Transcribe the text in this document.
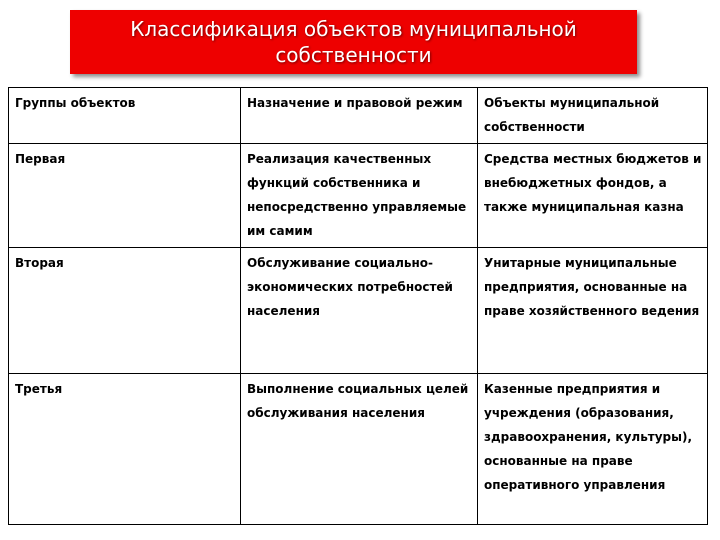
Классификация объектов муниципальной
собственности
Группы объектов	Назначение и правовой режим	Объекты муниципальной собственности
Первая	Реализация качественных функций собственника и непосредственно управляемые им самим	Средства местных бюджетов и внебюджетных фондов, а также муниципальная казна
Вторая	Обслуживание социально-экономических потребностей населения	Унитарные муниципальные предприятия, основанные на праве хозяйственного ведения
Третья	Выполнение социальных целей обслуживания населения	Казенные предприятия и учреждения (образования, здравоохранения, культуры), основанные на праве оперативного управления
